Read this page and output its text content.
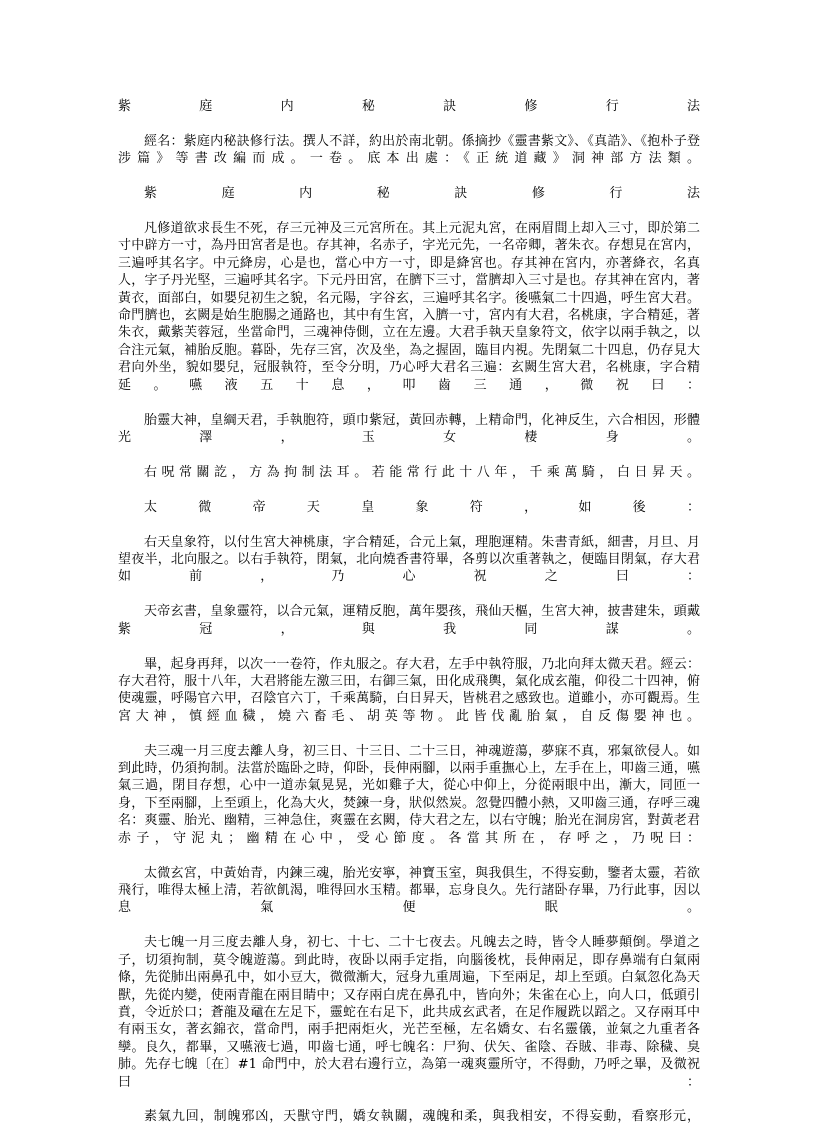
紫庭内秘訣修行法

經名：紫庭内秘訣修行法。撰人不詳，約出於南北朝。係摘抄《靈書紫文》、《真誥》、《抱朴子登涉篇》等書改編而成。一卷。底本出處：《正統道藏》洞神部方法類。

紫庭内秘訣修行法

凡修道欲求長生不死，存三元神及三元宮所在。其上元泥丸宮，在兩眉間上却入三寸，即於第二寸中辟方一寸，為丹田宮者是也。存其神，名赤子，字光元先，一名帝卿，著朱衣。存想見在宮内，三遍呼其名字。中元絳房，心是也，當心中方一寸，即是絳宮也。存其神在宮内，亦著絳衣，名真人，字子丹光堅，三遍呼其名字。下元丹田宮，在臍下三寸，當臍却入三寸是也。存其神在宮内，著黃衣，面部白，如嬰兒初生之貌，名元陽，字谷玄，三遍呼其名字。後嚥氣二十四過，呼生宮大君。命門臍也，玄闕是始生胞腸之通路也，其中有生宮，入臍一寸，宮内有大君，名桃康，字合精延，著朱衣，戴紫芙蓉冠，坐當命門，三魂神侍側，立在左邊。大君手執天皇象符文，依字以兩手執之，以合注元氣，補胎反胞。暮卧，先存三宮，次及坐，為之握固，臨目内視。先閉氣二十四息，仍存見大君向外坐，貌如嬰兒，冠服執符，至令分明，乃心呼大君名三遍：玄闕生宮大君，名桃康，字合精延。嚥液五十息，叩齒三通，微祝曰：

胎靈大神，皇綱天君，手執胞符，頭巾紫冠，黃回赤轉，上精命門，化神反生，六合相因，形體光澤，玉女棲身。

右呪常關訖，方為拘制法耳。若能常行此十八年，千乘萬騎，白日昇天。

太微帝天皇象符，如後：

右天皇象符，以付生宮大神桃康，字合精延，合元上氣，理胞運精。朱書青紙，細書，月旦、月望夜半，北向服之。以右手執符，閉氣，北向燒香書符畢，各剪以次重著執之，便臨目閉氣，存大君如前，乃心祝之曰：

天帝玄書，皇象靈符，以合元氣，運精反胞，萬年嬰孩，飛仙天樞，生宮大神，披書建朱，頭戴紫冠，與我同謀。

畢，起身再拜，以次一一卷符，作丸服之。存大君，左手中執符服，乃北向拜太微天君。經云：存大君符，服十八年，大君將能左激三田，右御三氣，田化成飛輿，氣化成玄龍，仰役二十四神，俯使魂靈，呼陽官六甲，召陰官六丁，千乘萬騎，白日昇天，皆桃君之感致也。道雖小，亦可觀焉。生宮大神，慎經血穢，燒六畜毛、胡英等物。此皆伐亂胎氣，自反傷嬰神也。

夫三魂一月三度去離人身，初三日、十三日、二十三日，神魂遊蕩，夢寐不真，邪氣欲侵人。如到此時，仍須拘制。法當於臨卧之時，仰卧，長伸兩腳，以兩手重撫心上，左手在上，叩齒三通，嚥氣三過，閉目存想，心中一道赤氣晃晃，光如雞子大，從心中仰上，分從兩眼中出，漸大，同匝一身，下至兩腳，上至頭上，化為大火，焚鍊一身，狀似然炭。忽覺四體小熱，又叩齒三通，存呼三魂名：爽靈、胎光、幽精，三神急住，爽靈在玄闕，侍大君之左，以右守魄；胎光在洞房宮，對黃老君赤子，守泥丸；幽精在心中，受心節度。各當其所在，存呼之，乃呪曰：

太微玄宮，中黃始青，内鍊三魂，胎光安寧，神寶玉室，與我俱生，不得妄動，鑒者太靈，若欲飛行，唯得太極上清，若欲飢渴，唯得回水玉精。都畢，忘身良久。先行諸卧存畢，乃行此事，因以息氣便眠。

夫七魄一月三度去離人身，初七、十七、二十七夜去。凡魄去之時，皆令人睡夢顛倒。學道之子，切須拘制，莫令魄遊蕩。到此時，夜卧以兩手定指，向腦後枕，長伸兩足，即存鼻端有白氣兩條，先從肺出兩鼻孔中，如小豆大，微微漸大，冠身九重周遍，下至兩足，却上至頭。白氣忽化為天獸，先從内變，使兩青龍在兩目睛中；又存兩白虎在鼻孔中，皆向外；朱雀在心上，向人口，低頭引賁，令近於口；蒼龍及黿在左足下，靈蛇在右足下，此共成玄武者，在足作履跣以蹈之。又存兩耳中有兩玉女，著玄錦衣，當命門，兩手把兩炬火，光芒至極，左名嬌女、右名靈儀，並氣之九重者各孿。良久，都畢，又嚥液七過，叩齒七通，呼七魄名：尸狗、伏矢、雀陰、吞賊、非毒、除穢、臭肺。先存七魄〔在〕#1 命門中，於大君右邊行立，為第一魂爽靈所守，不得動，乃呼之畢，及微祝曰：

素氣九回，制魄邪凶，天獸守門，嬌女執關，魂魄和柔，與我相安，不得妄動，看察形元，
